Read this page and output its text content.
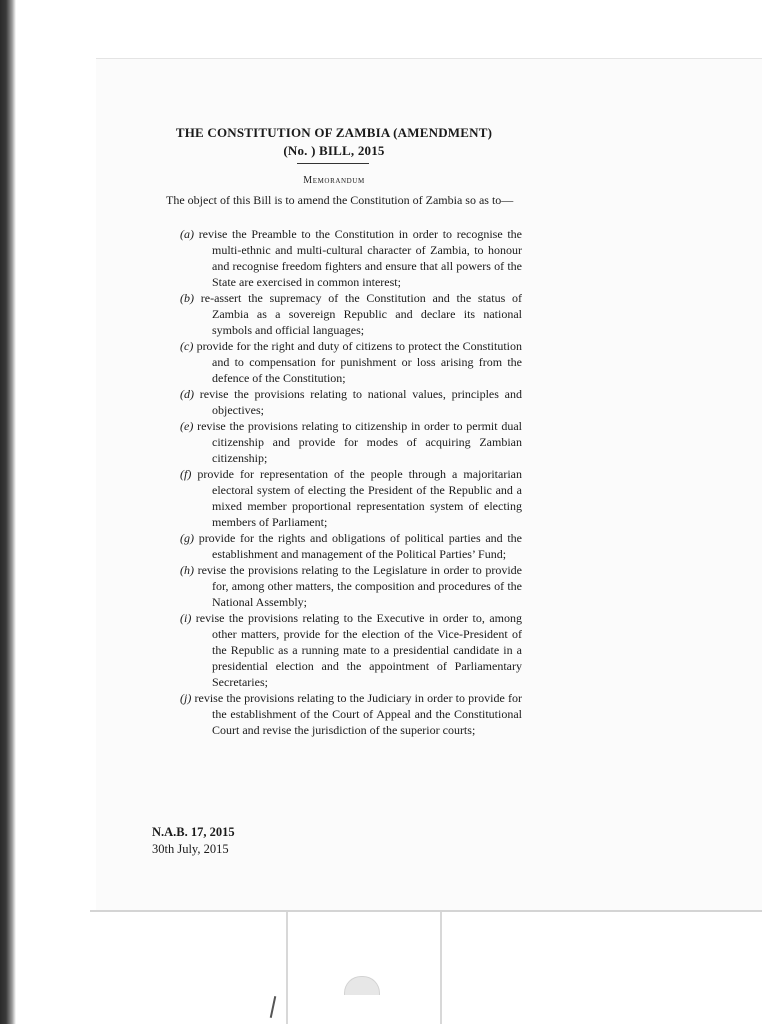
THE CONSTITUTION OF ZAMBIA (AMENDMENT)
(No. ) BILL, 2015
Memorandum
The object of this Bill is to amend the Constitution of Zambia so as to—
(a) revise the Preamble to the Constitution in order to recognise the multi-ethnic and multi-cultural character of Zambia, to honour and recognise freedom fighters and ensure that all powers of the State are exercised in common interest;
(b) re-assert the supremacy of the Constitution and the status of Zambia as a sovereign Republic and declare its national symbols and official languages;
(c) provide for the right and duty of citizens to protect the Constitution and to compensation for punishment or loss arising from the defence of the Constitution;
(d) revise the provisions relating to national values, principles and objectives;
(e) revise the provisions relating to citizenship in order to permit dual citizenship and provide for modes of acquiring Zambian citizenship;
(f) provide for representation of the people through a majoritarian electoral system of electing the President of the Republic and a mixed member proportional representation system of electing members of Parliament;
(g) provide for the rights and obligations of political parties and the establishment and management of the Political Parties’ Fund;
(h) revise the provisions relating to the Legislature in order to provide for, among other matters, the composition and procedures of the National Assembly;
(i) revise the provisions relating to the Executive in order to, among other matters, provide for the election of the Vice-President of the Republic as a running mate to a presidential candidate in a presidential election and the appointment of Parliamentary Secretaries;
(j) revise the provisions relating to the Judiciary in order to provide for the establishment of the Court of Appeal and the Constitutional Court and revise the jurisdiction of the superior courts;
N.A.B. 17, 2015
30th July, 2015
